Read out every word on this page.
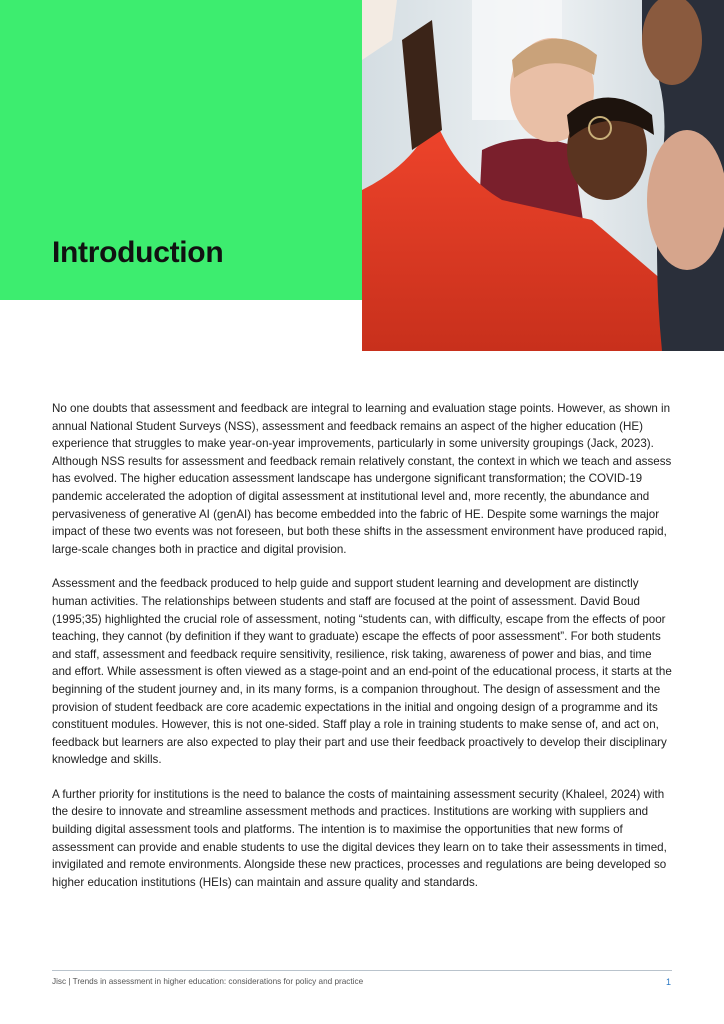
Introduction

No one doubts that assessment and feedback are integral to learning and evaluation stage points. However, as shown in annual National Student Surveys (NSS), assessment and feedback remains an aspect of the higher education (HE) experience that struggles to make year-on-year improvements, particularly in some university groupings (Jack, 2023). Although NSS results for assessment and feedback remain relatively constant, the context in which we teach and assess has evolved. The higher education assessment landscape has undergone significant transformation; the COVID-19 pandemic accelerated the adoption of digital assessment at institutional level and, more recently, the abundance and pervasiveness of generative AI (genAI) has become embedded into the fabric of HE. Despite some warnings the major impact of these two events was not foreseen, but both these shifts in the assessment environment have produced rapid, large-scale changes both in practice and digital provision.

Assessment and the feedback produced to help guide and support student learning and development are distinctly human activities. The relationships between students and staff are focused at the point of assessment. David Boud (1995;35) highlighted the crucial role of assessment, noting “students can, with difficulty, escape from the effects of poor teaching, they cannot (by definition if they want to graduate) escape the effects of poor assessment”. For both students and staff, assessment and feedback require sensitivity, resilience, risk taking, awareness of power and bias, and time and effort. While assessment is often viewed as a stage-point and an end-point of the educational process, it starts at the beginning of the student journey and, in its many forms, is a companion throughout. The design of assessment and the provision of student feedback are core academic expectations in the initial and ongoing design of a programme and its constituent modules. However, this is not one-sided. Staff play a role in training students to make sense of, and act on, feedback but learners are also expected to play their part and use their feedback proactively to develop their disciplinary knowledge and skills.

A further priority for institutions is the need to balance the costs of maintaining assessment security (Khaleel, 2024) with the desire to innovate and streamline assessment methods and practices. Institutions are working with suppliers and building digital assessment tools and platforms. The intention is to maximise the opportunities that new forms of assessment can provide and enable students to use the digital devices they learn on to take their assessments in timed, invigilated and remote environments. Alongside these new practices, processes and regulations are being developed so higher education institutions (HEIs) can maintain and assure quality and standards.

Jisc | Trends in assessment in higher education: considerations for policy and practice	1
